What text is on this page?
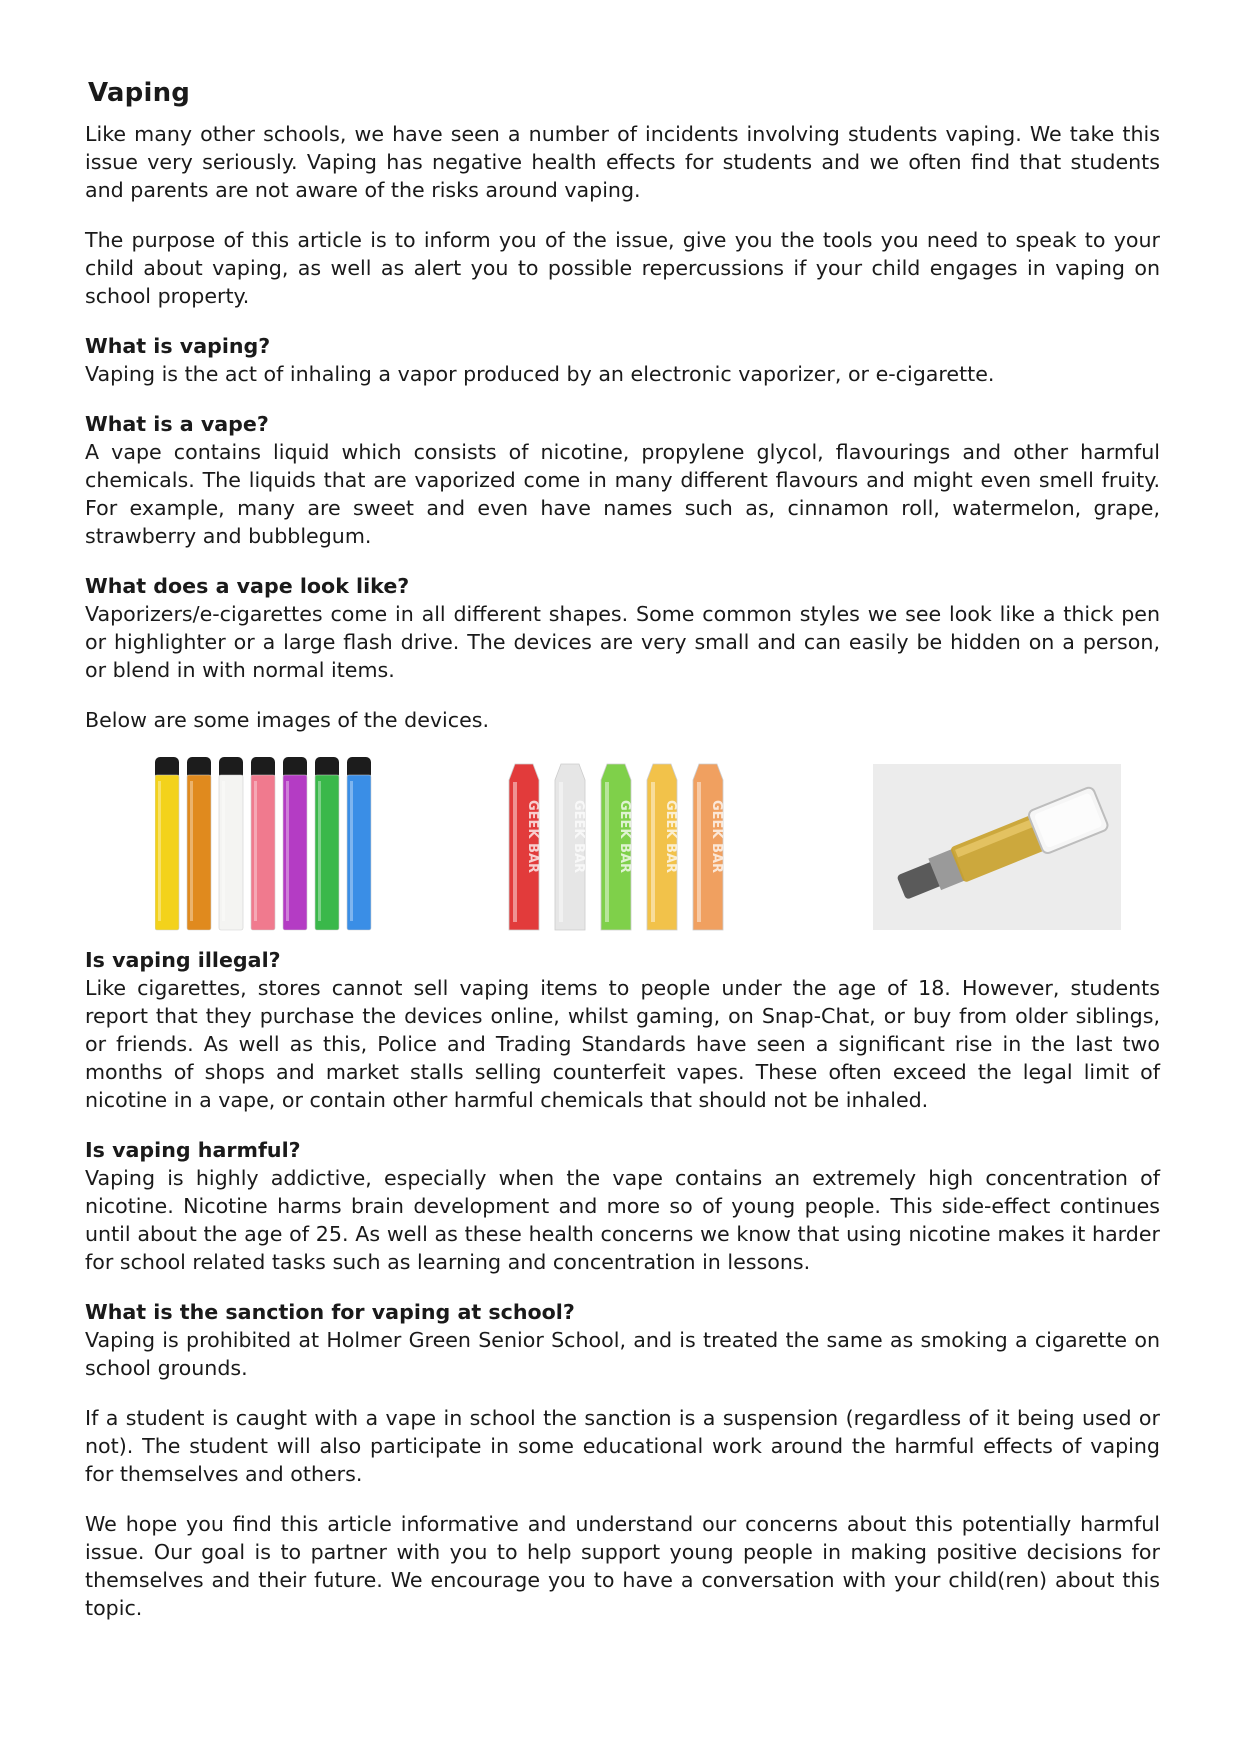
Vaping

Like many other schools, we have seen a number of incidents involving students vaping. We take this issue very seriously. Vaping has negative health effects for students and we often find that students and parents are not aware of the risks around vaping.

The purpose of this article is to inform you of the issue, give you the tools you need to speak to your child about vaping, as well as alert you to possible repercussions if your child engages in vaping on school property.

What is vaping?

Vaping is the act of inhaling a vapor produced by an electronic vaporizer, or e-cigarette.

What is a vape?

A vape contains liquid which consists of nicotine, propylene glycol, flavourings and other harmful chemicals. The liquids that are vaporized come in many different flavours and might even smell fruity. For example, many are sweet and even have names such as, cinnamon roll, watermelon, grape, strawberry and bubblegum.

What does a vape look like?

Vaporizers/e-cigarettes come in all different shapes. Some common styles we see look like a thick pen or highlighter or a large flash drive. The devices are very small and can easily be hidden on a person, or blend in with normal items.

Below are some images of the devices.

GEEK BAR GEEK BAR GEEK BAR GEEK BAR GEEK BAR

Is vaping illegal?

Like cigarettes, stores cannot sell vaping items to people under the age of 18. However, students report that they purchase the devices online, whilst gaming, on Snap-Chat, or buy from older siblings, or friends. As well as this, Police and Trading Standards have seen a significant rise in the last two months of shops and market stalls selling counterfeit vapes. These often exceed the legal limit of nicotine in a vape, or contain other harmful chemicals that should not be inhaled.

Is vaping harmful?

Vaping is highly addictive, especially when the vape contains an extremely high concentration of nicotine. Nicotine harms brain development and more so of young people. This side-effect continues until about the age of 25. As well as these health concerns we know that using nicotine makes it harder for school related tasks such as learning and concentration in lessons.

What is the sanction for vaping at school?

Vaping is prohibited at Holmer Green Senior School, and is treated the same as smoking a cigarette on school grounds.

If a student is caught with a vape in school the sanction is a suspension (regardless of it being used or not). The student will also participate in some educational work around the harmful effects of vaping for themselves and others.

We hope you find this article informative and understand our concerns about this potentially harmful issue. Our goal is to partner with you to help support young people in making positive decisions for themselves and their future. We encourage you to have a conversation with your child(ren) about this topic.
